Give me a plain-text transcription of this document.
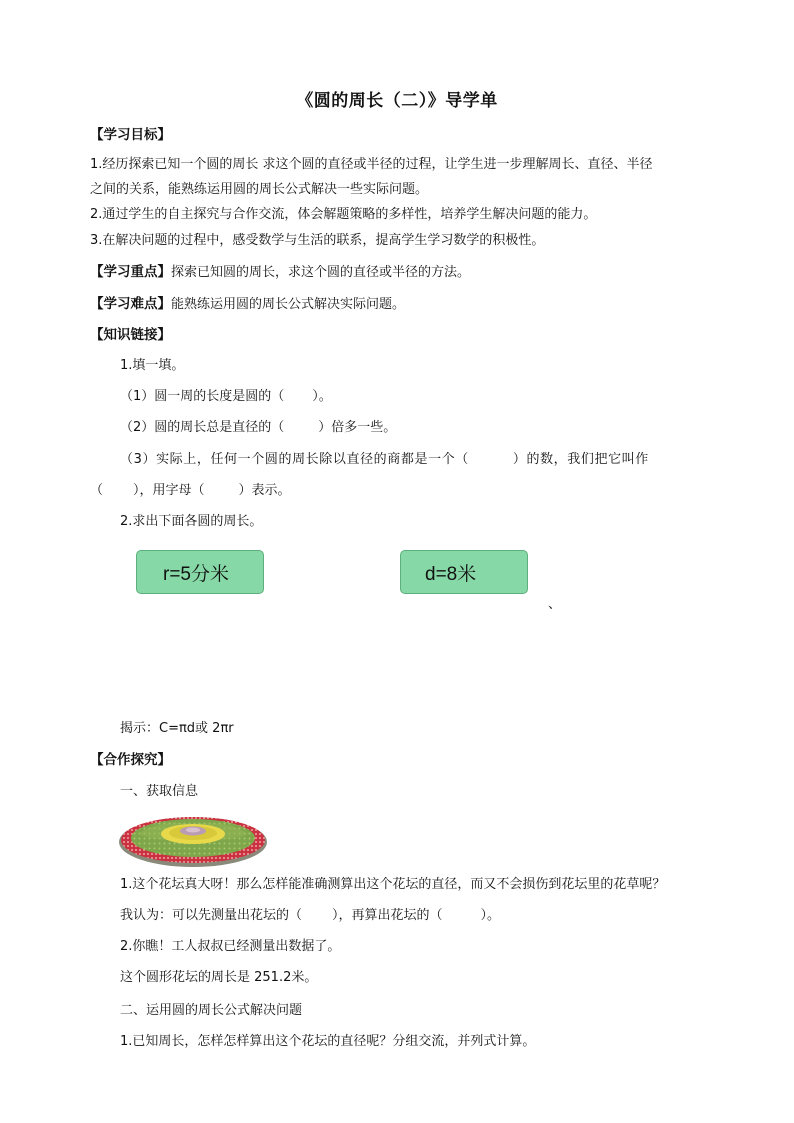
《圆的周长（二）》导学单
【学习目标】
1.经历探索已知一个圆的周长 求这个圆的直径或半径的过程，让学生进一步理解周长、直径、半径
之间的关系，能熟练运用圆的周长公式解决一些实际问题。
2.通过学生的自主探究与合作交流，体会解题策略的多样性，培养学生解决问题的能力。
3.在解决问题的过程中，感受数学与生活的联系，提高学生学习数学的积极性。
【学习重点】探索已知圆的周长，求这个圆的直径或半径的方法。
【学习难点】能熟练运用圆的周长公式解决实际问题。
【知识链接】
1.填一填。
（1）圆一周的长度是圆的（ ）。
（2）圆的周长总是直径的（	）倍多一些。
（3）实际上，任何一个圆的周长除以直径的商都是一个（	）的数，我们把它叫作
（ ），用字母（	）表示。
2.求出下面各圆的周长。
r=5分米	d=8米
、
揭示：C=πd或 2πr
【合作探究】
一、获取信息
1.这个花坛真大呀！那么怎样能准确测算出这个花坛的直径，而又不会损伤到花坛里的花草呢？
我认为：可以先测量出花坛的（ ），再算出花坛的（	）。
2.你瞧！工人叔叔已经测量出数据了。
这个圆形花坛的周长是 251.2米。
二、运用圆的周长公式解决问题
1.已知周长，怎样怎样算出这个花坛的直径呢？分组交流，并列式计算。
